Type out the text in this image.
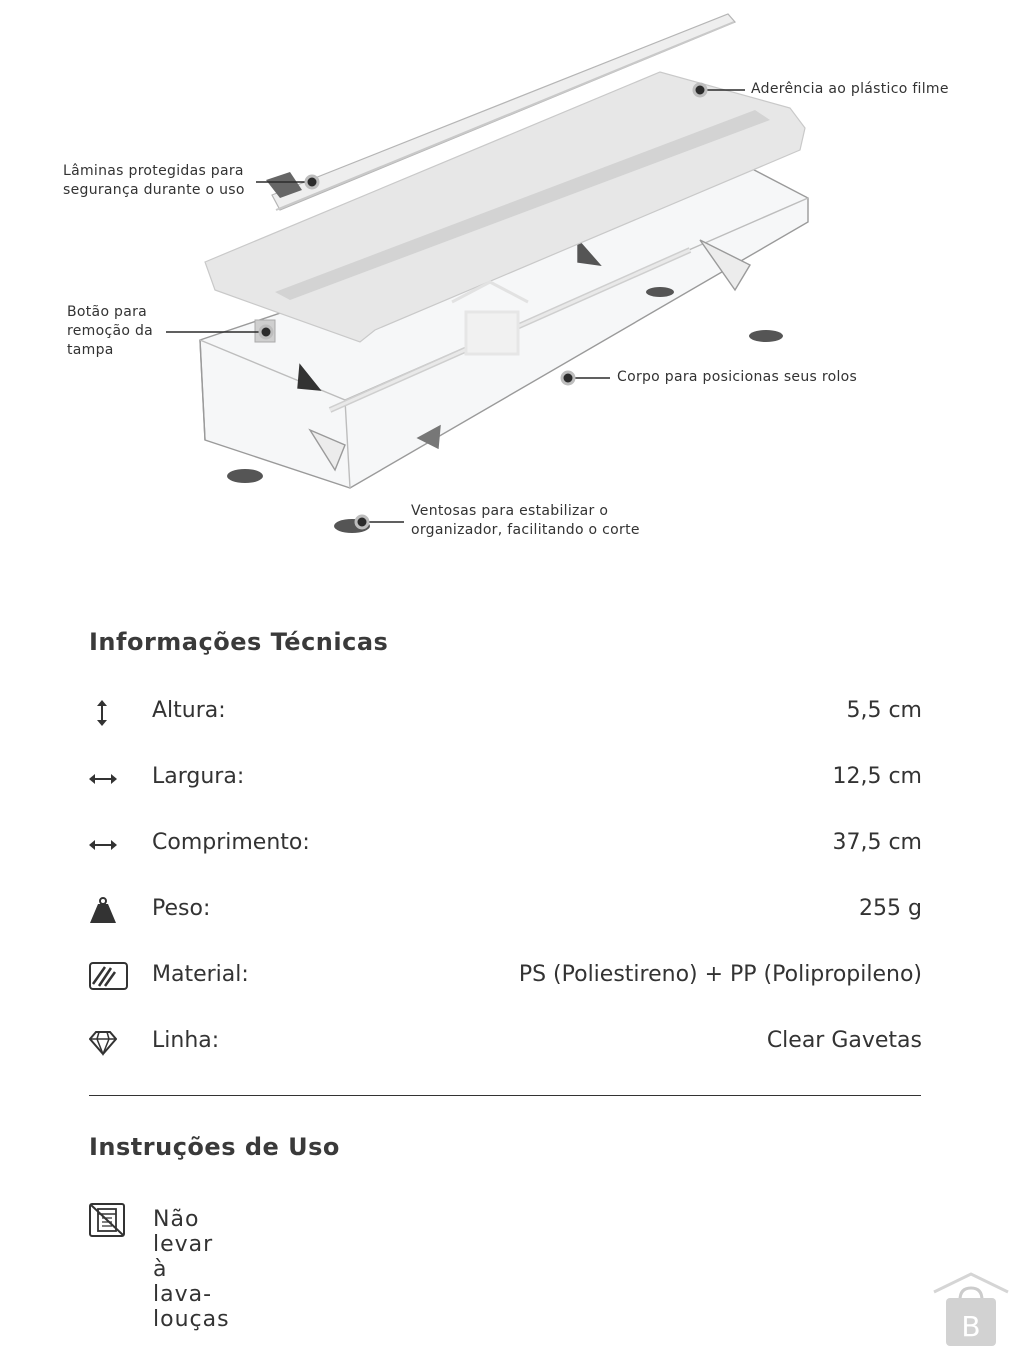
Aderência ao plástico filme
Lâminas protegidas para
segurança durante o uso
Botão para
remoção da
tampa
Corpo para posicionas seus rolos
Ventosas para estabilizar o
organizador, facilitando o corte
Informações Técnicas
Altura:	5,5 cm
Largura:	12,5 cm
Comprimento:	37,5 cm
Peso:	255 g
Material:	PS (Poliestireno) + PP (Polipropileno)
Linha:	Clear Gavetas
Instruções de Uso
Não levar à lava-louças	B
